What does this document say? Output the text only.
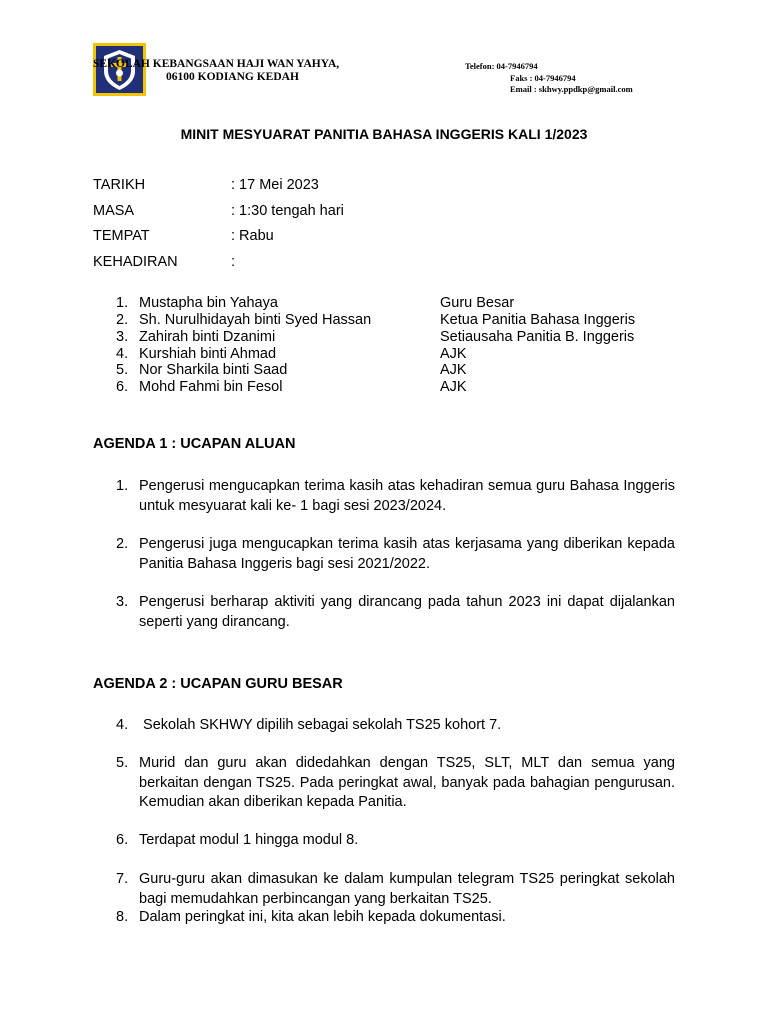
SEKOLAH KEBANGSAAN HAJI WAN YAHYA,
06100 KODIANG KEDAH
Telefon: 04-7946794
Faks : 04-7946794
Email : skhwy.ppdkp@gmail.com
MINIT MESYUARAT PANITIA BAHASA INGGERIS KALI 1/2023
TARIKH	: 17 Mei 2023
MASA	: 1:30 tengah hari
TEMPAT	: Rabu
KEHADIRAN	:
1. Mustapha bin Yahaya	Guru Besar
2. Sh. Nurulhidayah binti Syed Hassan	Ketua Panitia Bahasa Inggeris
3. Zahirah binti Dzanimi	Setiausaha Panitia B. Inggeris
4. Kurshiah binti Ahmad	AJK
5. Nor Sharkila binti Saad	AJK
6. Mohd Fahmi bin Fesol	AJK
AGENDA 1 : UCAPAN ALUAN
1. Pengerusi mengucapkan terima kasih atas kehadiran semua guru Bahasa Inggeris untuk mesyuarat kali ke- 1 bagi sesi 2023/2024.
2. Pengerusi juga mengucapkan terima kasih atas kerjasama yang diberikan kepada Panitia Bahasa Inggeris bagi sesi 2021/2022.
3. Pengerusi berharap aktiviti yang dirancang pada tahun 2023 ini dapat dijalankan seperti yang dirancang.
AGENDA 2 : UCAPAN GURU BESAR
4. Sekolah SKHWY dipilih sebagai sekolah TS25 kohort 7.
5. Murid dan guru akan didedahkan dengan TS25, SLT, MLT dan semua yang berkaitan dengan TS25. Pada peringkat awal, banyak pada bahagian pengurusan. Kemudian akan diberikan kepada Panitia.
6. Terdapat modul 1 hingga modul 8.
7. Guru-guru akan dimasukan ke dalam kumpulan telegram TS25 peringkat sekolah bagi memudahkan perbincangan yang berkaitan TS25.
8. Dalam peringkat ini, kita akan lebih kepada dokumentasi.
